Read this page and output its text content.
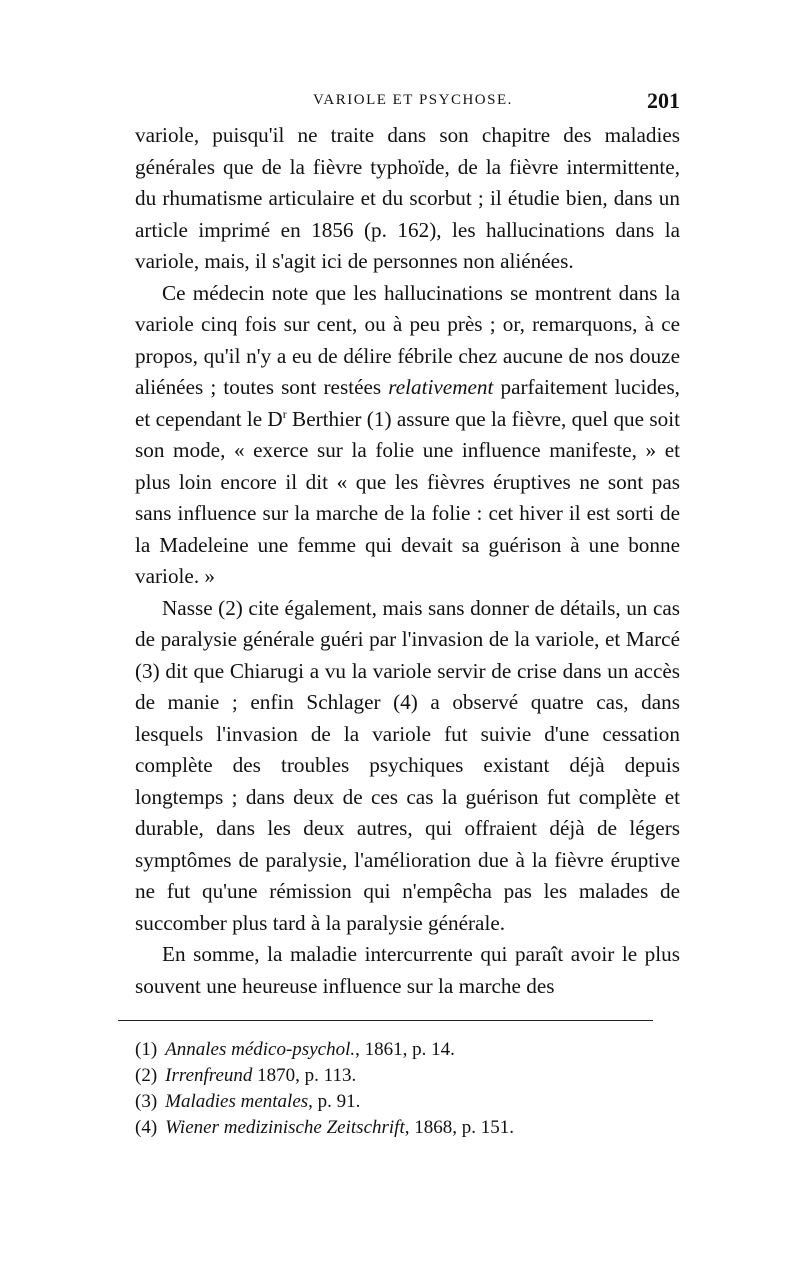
VARIOLE ET PSYCHOSE.	201

variole, puisqu'il ne traite dans son chapitre des maladies générales que de la fièvre typhoïde, de la fièvre intermittente, du rhumatisme articulaire et du scorbut ; il étudie bien, dans un article imprimé en 1856 (p. 162), les hallucinations dans la variole, mais, il s'agit ici de personnes non aliénées.

Ce médecin note que les hallucinations se montrent dans la variole cinq fois sur cent, ou à peu près ; or, remarquons, à ce propos, qu'il n'y a eu de délire fébrile chez aucune de nos douze aliénées ; toutes sont restées relativement parfaitement lucides, et cependant le $D^r$ Berthier (1) assure que la fièvre, quel que soit son mode, « exerce sur la folie une influence manifeste, » et plus loin encore il dit « que les fièvres éruptives ne sont pas sans influence sur la marche de la folie : cet hiver il est sorti de la Madeleine une femme qui devait sa guérison à une bonne variole. »

Nasse (2) cite également, mais sans donner de détails, un cas de paralysie générale guéri par l'invasion de la variole, et Marcé (3) dit que Chiarugi a vu la variole servir de crise dans un accès de manie ; enfin Schlager (4) a observé quatre cas, dans lesquels l'invasion de la variole fut suivie d'une cessation complète des troubles psychiques existant déjà depuis longtemps ; dans deux de ces cas la guérison fut complète et durable, dans les deux autres, qui offraient déjà de légers symptômes de paralysie, l'amélioration due à la fièvre éruptive ne fut qu'une rémission qui n'empêcha pas les malades de succomber plus tard à la paralysie générale.

En somme, la maladie intercurrente qui paraît avoir le plus souvent une heureuse influence sur la marche des

(1) Annales médico-psychol., 1861, p. 14.
(2) Irrenfreund 1870, p. 113.
(3) Maladies mentales, p. 91.
(4) Wiener medizinische Zeitschrift, 1868, p. 151.
